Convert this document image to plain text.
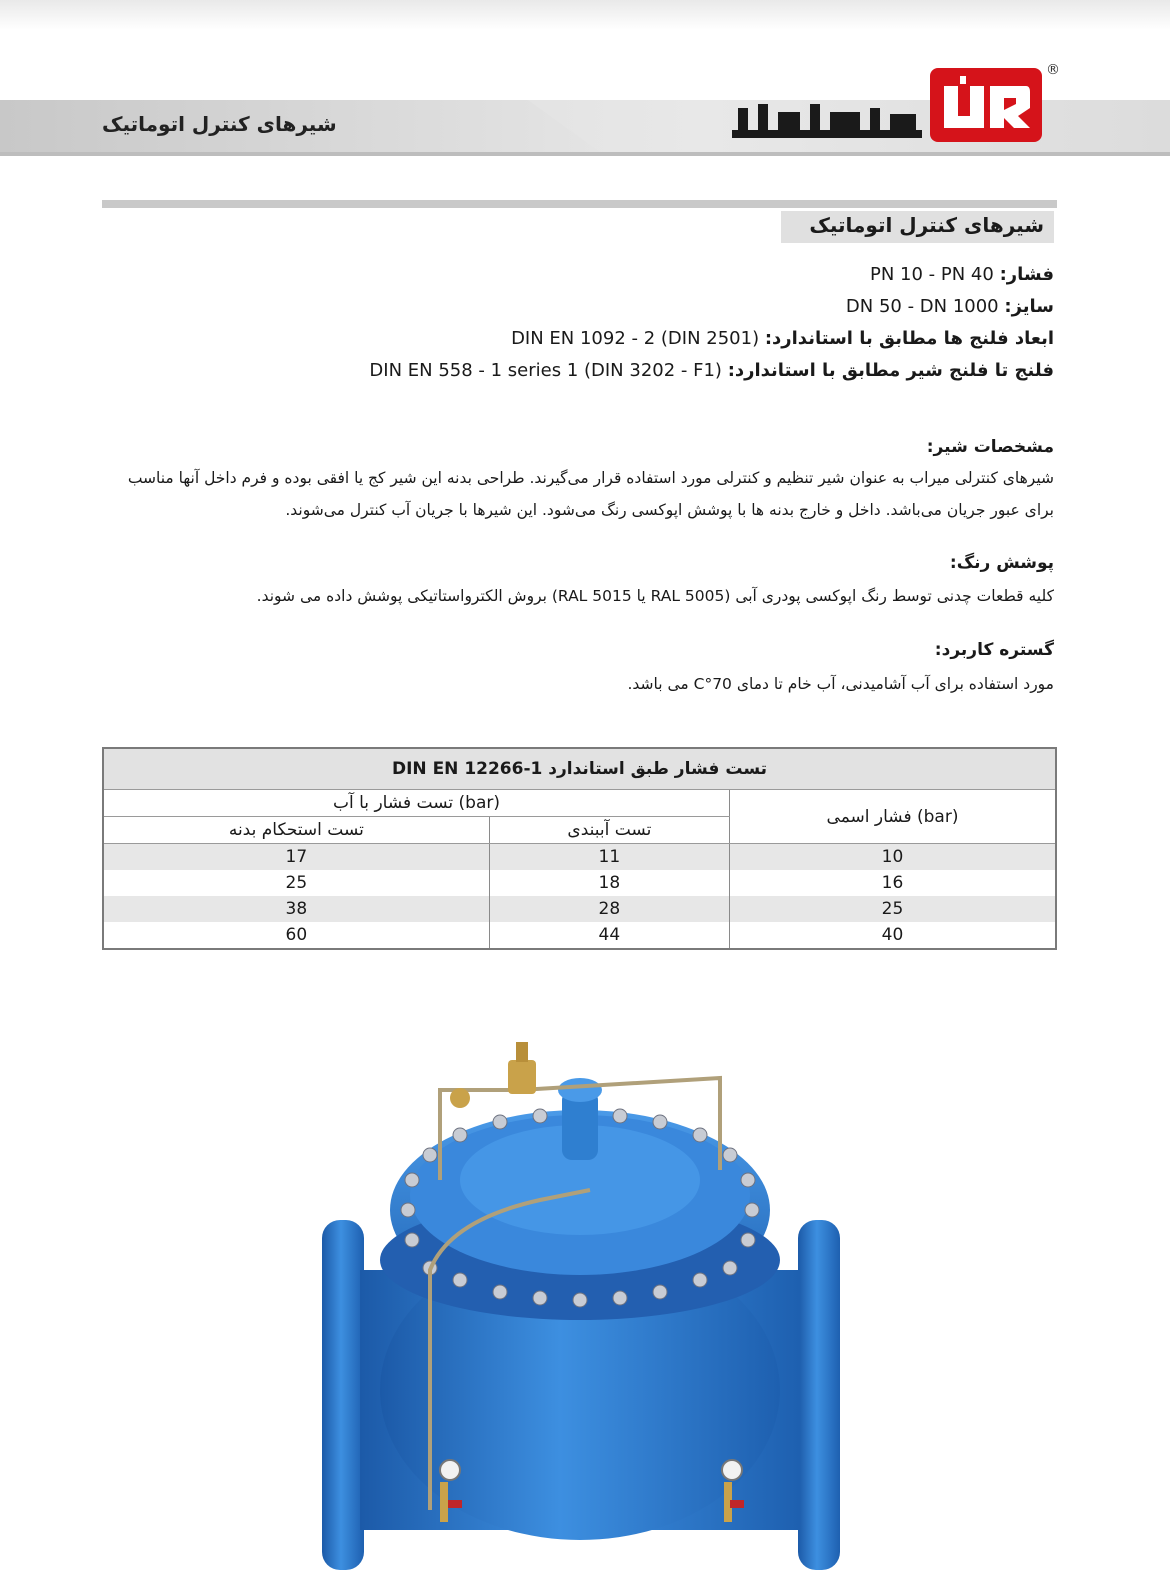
شیرهای کنترل اتوماتیک
®
شیرهای کنترل اتوماتیک
فشار: PN 10 - PN 40
سایز: DN 50 - DN 1000
ابعاد فلنج ها مطابق با استاندارد: DIN EN 1092 - 2 (DIN 2501)
فلنج تا فلنج شیر مطابق با استاندارد: DIN EN 558 - 1 series 1 (DIN 3202 - F1)
مشخصات شیر:
شیرهای کنترلی میراب به عنوان شیر تنظیم و کنترلی مورد استفاده قرار می‌گیرند. طراحی بدنه این شیر کج یا افقی بوده و فرم داخل آنها مناسب
برای عبور جریان می‌باشد. داخل و خارج بدنه ها با پوشش اپوکسی رنگ می‌شود. این شیرها با جریان آب کنترل می‌شوند.
پوشش رنگ:
کلیه قطعات چدنی توسط رنگ اپوکسی پودری آبی (RAL 5005 یا RAL 5015) بروش الکترواستاتیکی پوشش داده می شوند.
گستره کاربرد:
مورد استفاده برای آب آشامیدنی، آب خام تا دمای 70°C می باشد.
تست فشار طبق استاندارد DIN EN 12266-1		
تست فشار با آب (bar)		فشار اسمی (bar)
تست استحکام بدنه	تست آببندی	
17	11	10
25	18	16
38	28	25
60	44	40
